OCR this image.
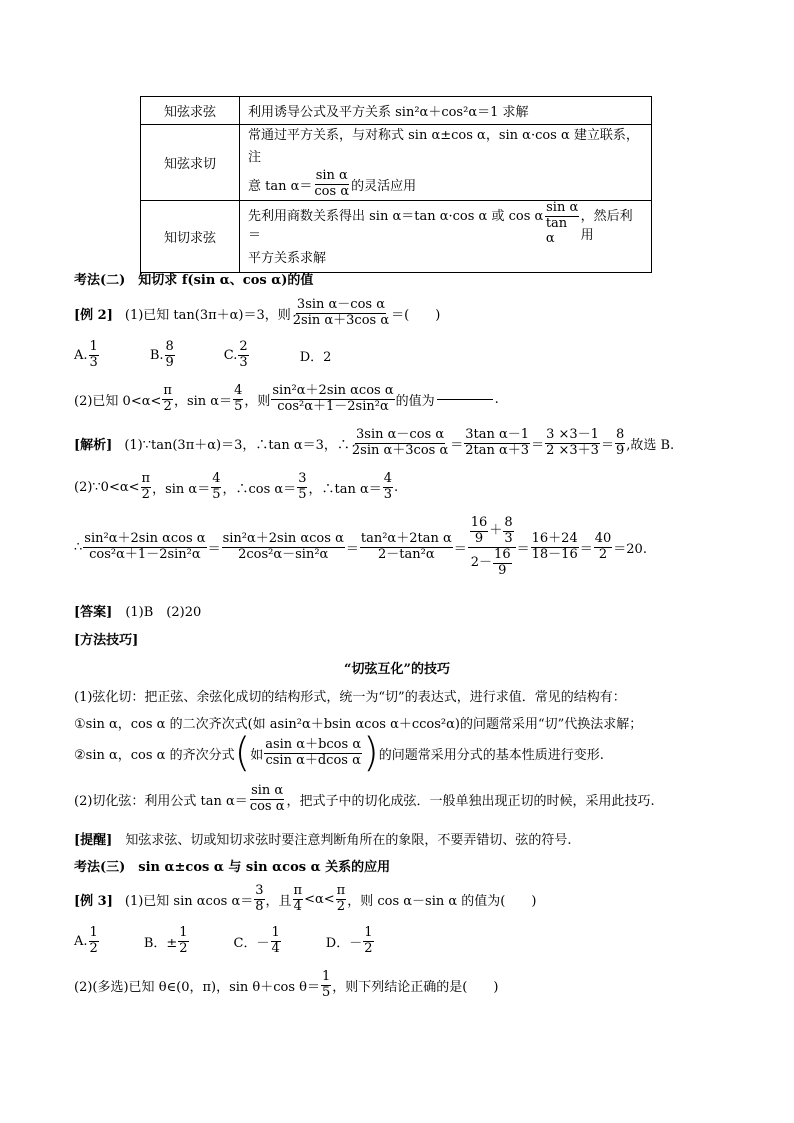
知弦求弦	利用诱导公式及平方关系 sin²α＋cos²α＝1 求解
知弦求切	常通过平方关系，与对称式 sin α±cos α，sin α·cos α 建立联系，注
意 $\tan \alpha= \frac{\text{sin α}}{\text{cos α}}$ 的灵活应用

知切求弦	先利用商数关系得出 sin α＝tan α·cos α 或 $\cos \alpha= \frac{\text{sin α}}{\text{tan α}}$ ，然后利用
平方关系求解
考法(二)　知切求 f(sin α、cos α)的值
[例 2] (1)已知 tan(3π＋α)＝3，则 $\frac{\text{3sin α－cos α}}{\text{2sin α＋3cos α}}$ ＝(　　)
A. $\frac{1}{3}$	B. $\frac{8}{9}$	C. $\frac{2}{3}$	D．2
(2)已知 $0<\alpha< \frac{\pi}{2}$ ，$\sin \alpha= \frac{4}{5}$ ，则 $\frac{\text{sin²α＋2sin αcos α}}{\text{cos²α＋1－2sin²α}}$ 的值为	.
[解析] (1)∵tan(3π＋α)＝3，∴tan α＝3，∴ $\frac{\text{3sin α－cos α}}{\text{2sin α＋3cos α}} = \frac{\text{3tan α－1}}{\text{2tan α＋3}} = \frac{3 \times 3-1}{2 \times 3+3} = \frac{8}{9}$ ,故选 B.
(2)∵0<α< $\frac{\pi}{2}$ ，$\sin \alpha= \frac{4}{5}$ ，∴cos $\alpha= \frac{3}{5}$ ，∴tan $\alpha= \frac{4}{3}$ .
∴ $\frac{\text{sin²α＋2sin αcos α}}{\text{cos²α＋1－2sin²α}} = \frac{\text{sin²α＋2sin αcos α}}{\text{2cos²α－sin²α}} = \frac{\text{tan²α＋2tan α}}{\text{2－tan²α}} = \frac{\frac{16}{9} + \frac{8}{3}}{2- \frac{16}{9}} = \frac{16+24}{18-16} = \frac{40}{2} =20$.
[答案]　(1)B　(2)20
[方法技巧]
“切弦互化”的技巧
(1)弦化切：把正弦、余弦化成切的结构形式，统一为“切”的表达式，进行求值．常见的结构有：
①sin α，cos α 的二次齐次式(如 asin²α＋bsin αcos α＋ccos²α)的问题常采用“切”代换法求解；
②sin α，cos α 的齐次分式 ( 如 $\frac{\text{asin α＋bcos α}}{\text{csin α＋dcos α}}$ ) 的问题常采用分式的基本性质进行变形.
(2)切化弦：利用公式 $\tan \alpha= \frac{\text{sin α}}{\text{cos α}}$ ，把式子中的切化成弦．一般单独出现正切的时候，采用此技巧.
[提醒]　知弦求弦、切或知切求弦时要注意判断角所在的象限，不要弄错切、弦的符号.
考法(三)　sin α±cos α 与 sin αcos α 关系的应用
[例 3] (1)已知 sin αcos $\alpha= \frac{3}{8}$ ，且 $\frac{\pi}{4} <\alpha< \frac{\pi}{2}$ ，则 cos α－sin α 的值为(　　)
A. $\frac{1}{2}$	B．± $\frac{1}{2}$	C．－ $\frac{1}{4}$	D．－ $\frac{1}{2}$
(2)(多选)已知 θ∈(0，π)，sin θ＋cos $\theta= \frac{1}{5}$ ，则下列结论正确的是(　　)
